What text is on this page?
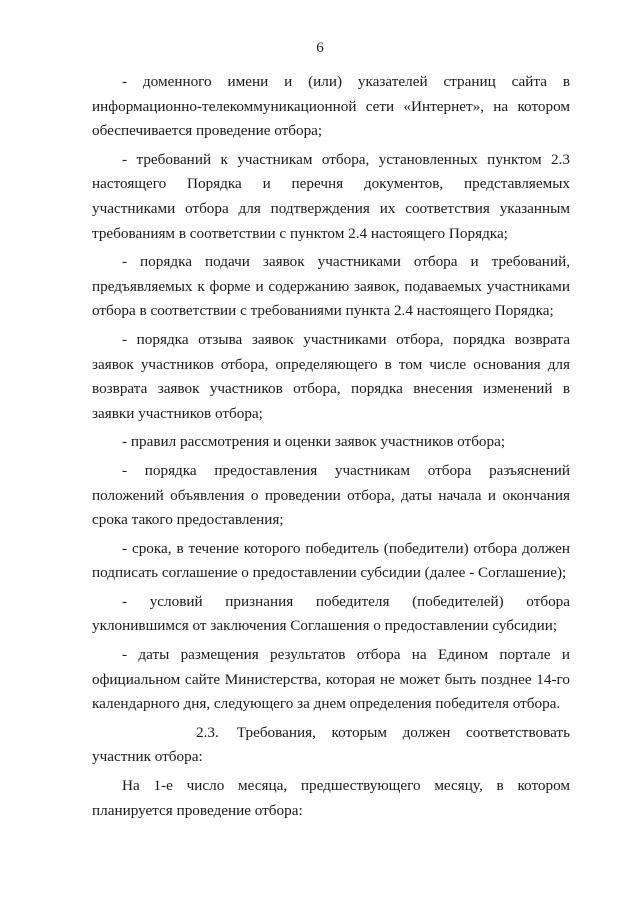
6

- доменного имени и (или) указателей страниц сайта в информационно-телекоммуникационной сети «Интернет», на котором обеспечивается проведение отбора;

- требований к участникам отбора, установленных пунктом 2.3 настоящего Порядка и перечня документов, представляемых участниками отбора для подтверждения их соответствия указанным требованиям в соответствии с пунктом 2.4 настоящего Порядка;

- порядка подачи заявок участниками отбора и требований, предъявляемых к форме и содержанию заявок, подаваемых участниками отбора в соответствии с требованиями пункта 2.4 настоящего Порядка;

- порядка отзыва заявок участниками отбора, порядка возврата заявок участников отбора, определяющего в том числе основания для возврата заявок участников отбора, порядка внесения изменений в заявки участников отбора;

- правил рассмотрения и оценки заявок участников отбора;

- порядка предоставления участникам отбора разъяснений положений объявления о проведении отбора, даты начала и окончания срока такого предоставления;

- срока, в течение которого победитель (победители) отбора должен подписать соглашение о предоставлении субсидии (далее - Соглашение);

- условий признания победителя (победителей) отбора уклонившимся от заключения Соглашения о предоставлении субсидии;

- даты размещения результатов отбора на Едином портале и официальном сайте Министерства, которая не может быть позднее 14-го календарного дня, следующего за днем определения победителя отбора.

2.3. Требования, которым должен соответствовать участник отбора:

На 1-е число месяца, предшествующего месяцу, в котором планируется проведение отбора:
